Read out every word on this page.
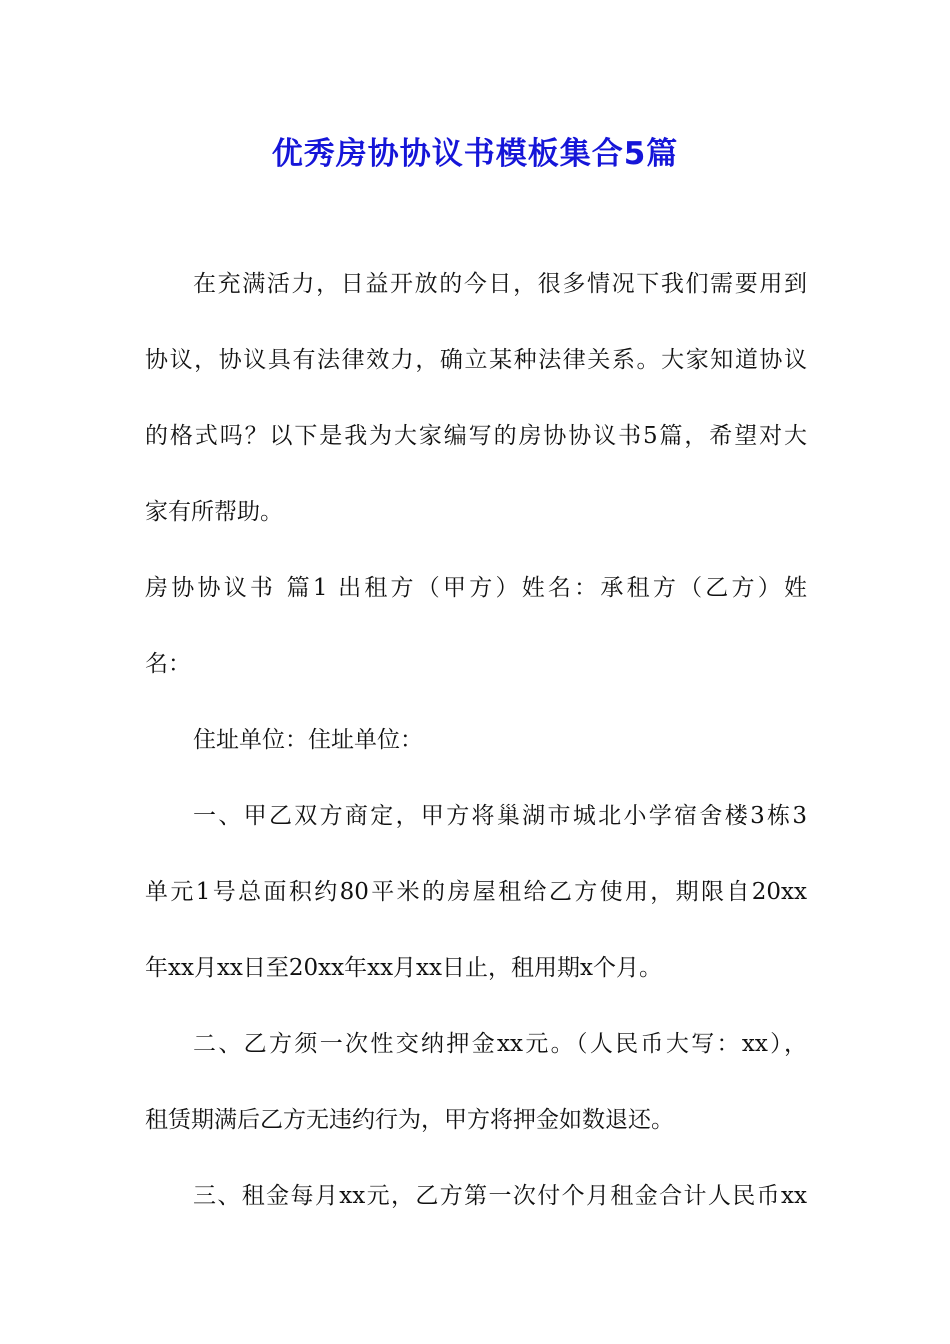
优秀房协协议书模板集合5篇
在充满活力，日益开放的今日，很多情况下我们需要用到
协议，协议具有法律效力，确立某种法律关系。大家知道协议
的格式吗？以下是我为大家编写的房协协议书5篇，希望对大
家有所帮助。
房协协议书 篇1 出租方（甲方）姓名：承租方（乙方）姓
名：
住址单位：住址单位：
一、甲乙双方商定，甲方将巢湖市城北小学宿舍楼3栋3
单元1号总面积约80平米的房屋租给乙方使用，期限自20xx
年xx月xx日至20xx年xx月xx日止，租用期x个月。
二、乙方须一次性交纳押金xx元。（人民币大写：xx），
租赁期满后乙方无违约行为，甲方将押金如数退还。
三、租金每月xx元，乙方第一次付个月租金合计人民币xx
